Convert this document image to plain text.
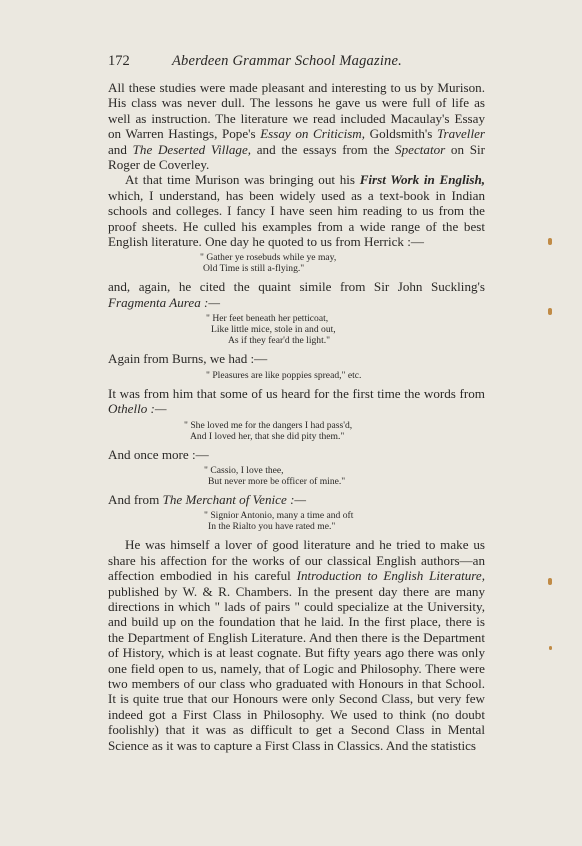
172	Aberdeen Grammar School Magazine.

All these studies were made pleasant and interesting to us by Murison. His class was never dull. The lessons he gave us were full of life as well as instruction. The literature we read included Macaulay's Essay on Warren Hastings, Pope's Essay on Criticism, Goldsmith's Traveller and The Deserted Village, and the essays from the Spectator on Sir Roger de Coverley.

At that time Murison was bringing out his First Work in English, which, I understand, has been widely used as a text-book in Indian schools and colleges. I fancy I have seen him reading to us from the proof sheets. He culled his examples from a wide range of the best English literature. One day he quoted to us from Herrick :—

" Gather ye rosebuds while ye may,
Old Time is still a-flying."

and, again, he cited the quaint simile from Sir John Suckling's Fragmenta Aurea :—

" Her feet beneath her petticoat,
Like little mice, stole in and out,
As if they fear'd the light."

Again from Burns, we had :—

" Pleasures are like poppies spread," etc.

It was from him that some of us heard for the first time the words from Othello :—

" She loved me for the dangers I had pass'd,
And I loved her, that she did pity them."

And once more :—

" Cassio, I love thee,
But never more be officer of mine."

And from The Merchant of Venice :—

" Signior Antonio, many a time and oft
In the Rialto you have rated me."

He was himself a lover of good literature and he tried to make us share his affection for the works of our classical English authors—an affection embodied in his careful Introduction to English Literature, published by W. & R. Chambers. In the present day there are many directions in which " lads of pairs " could specialize at the University, and build up on the foundation that he laid. In the first place, there is the Department of English Literature. And then there is the Department of History, which is at least cognate. But fifty years ago there was only one field open to us, namely, that of Logic and Philosophy. There were two members of our class who graduated with Honours in that School. It is quite true that our Honours were only Second Class, but very few indeed got a First Class in Philosophy. We used to think (no doubt foolishly) that it was as difficult to get a Second Class in Mental Science as it was to capture a First Class in Classics. And the statistics
